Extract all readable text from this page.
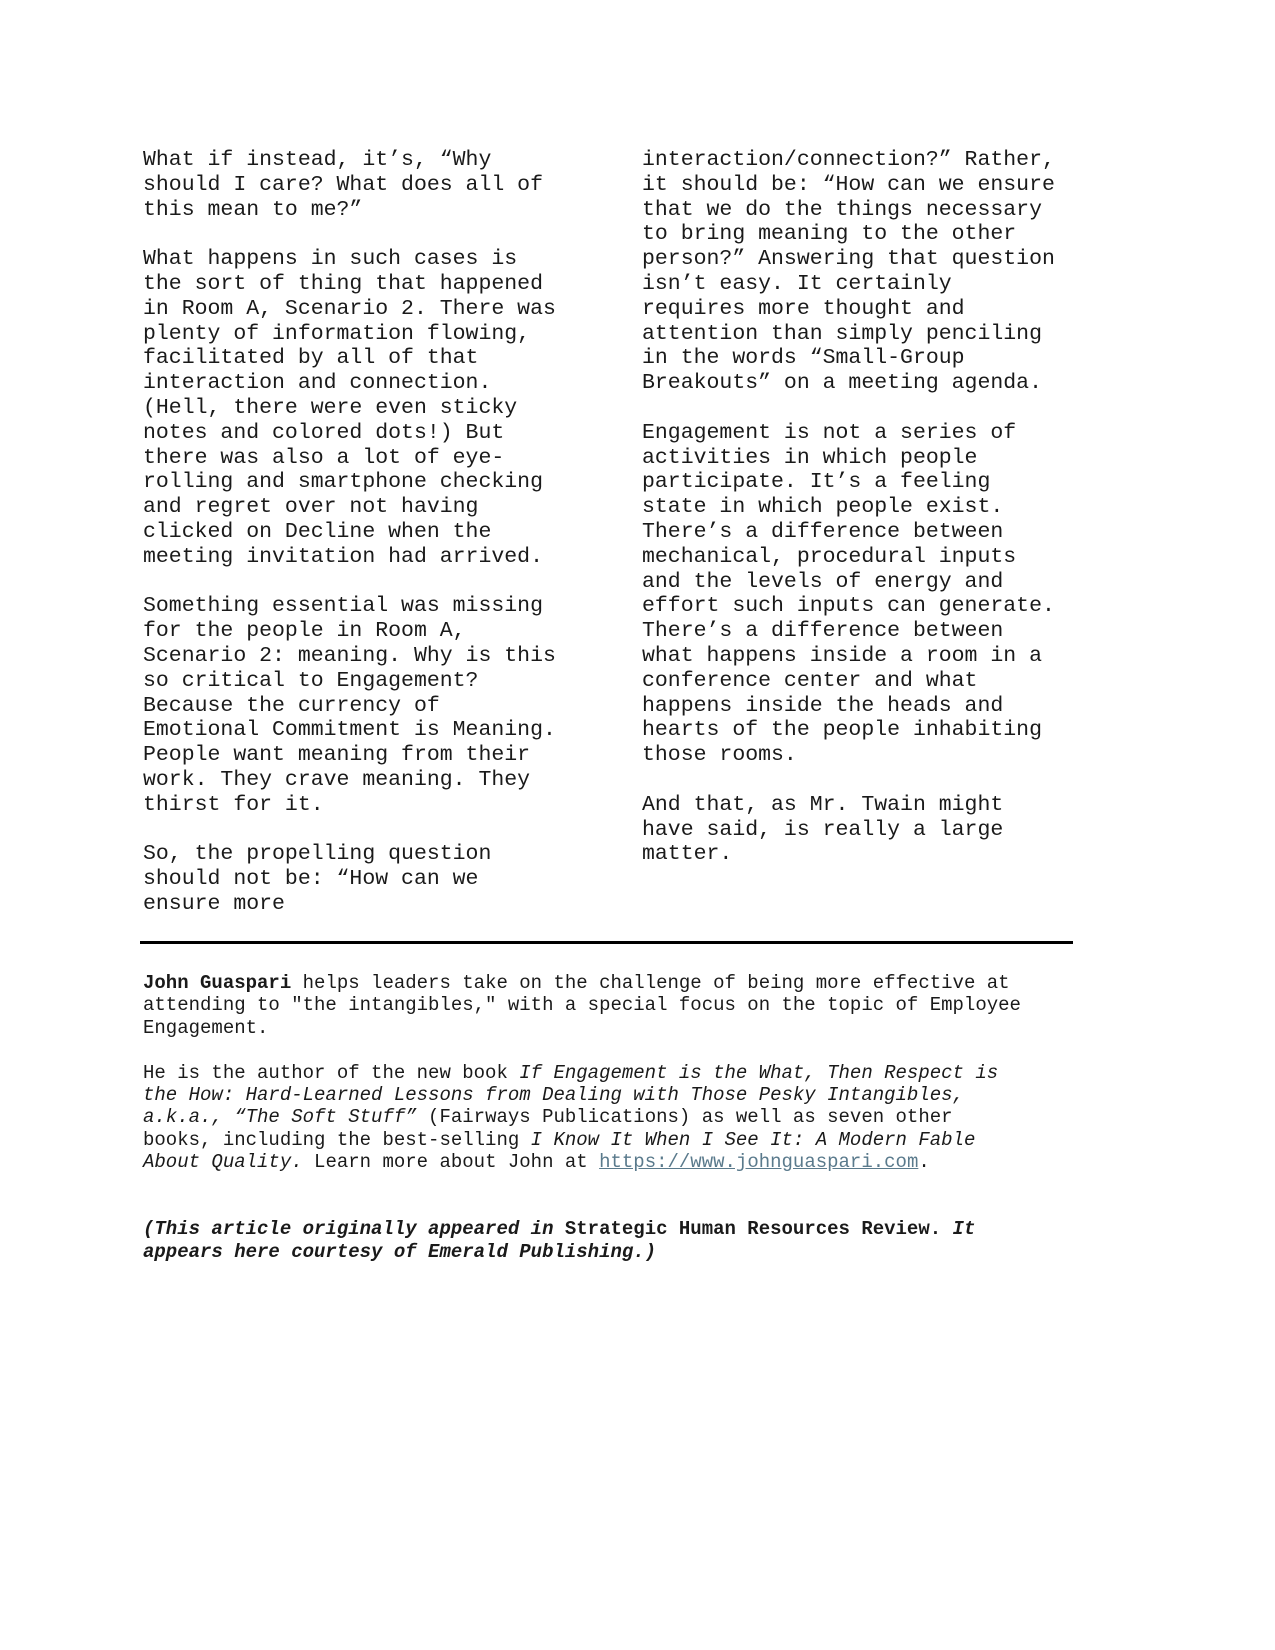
What if instead, it’s, “Why
should I care? What does all of
this mean to me?”
What happens in such cases is
the sort of thing that happened
in Room A, Scenario 2. There was
plenty of information flowing,
facilitated by all of that
interaction and connection.
(Hell, there were even sticky
notes and colored dots!) But
there was also a lot of eye-
rolling and smartphone checking
and regret over not having
clicked on Decline when the
meeting invitation had arrived.
Something essential was missing
for the people in Room A,
Scenario 2: meaning. Why is this
so critical to Engagement?
Because the currency of
Emotional Commitment is Meaning.
People want meaning from their
work. They crave meaning. They
thirst for it.
So, the propelling question
should not be: “How can we
ensure more
interaction/connection?” Rather,
it should be: “How can we ensure
that we do the things necessary
to bring meaning to the other
person?” Answering that question
isn’t easy. It certainly
requires more thought and
attention than simply penciling
in the words “Small-Group
Breakouts” on a meeting agenda.
Engagement is not a series of
activities in which people
participate. It’s a feeling
state in which people exist.
There’s a difference between
mechanical, procedural inputs
and the levels of energy and
effort such inputs can generate.
There’s a difference between
what happens inside a room in a
conference center and what
happens inside the heads and
hearts of the people inhabiting
those rooms.
And that, as Mr. Twain might
have said, is really a large
matter.
John Guaspari helps leaders take on the challenge of being more effective at
attending to "the intangibles," with a special focus on the topic of Employee
Engagement.
He is the author of the new book If Engagement is the What, Then Respect is
the How: Hard-Learned Lessons from Dealing with Those Pesky Intangibles,
a.k.a., “The Soft Stuff” (Fairways Publications) as well as seven other
books, including the best-selling I Know It When I See It: A Modern Fable
About Quality. Learn more about John at https://www.johnguaspari.com.
(This article originally appeared in Strategic Human Resources Review. It
appears here courtesy of Emerald Publishing.)
